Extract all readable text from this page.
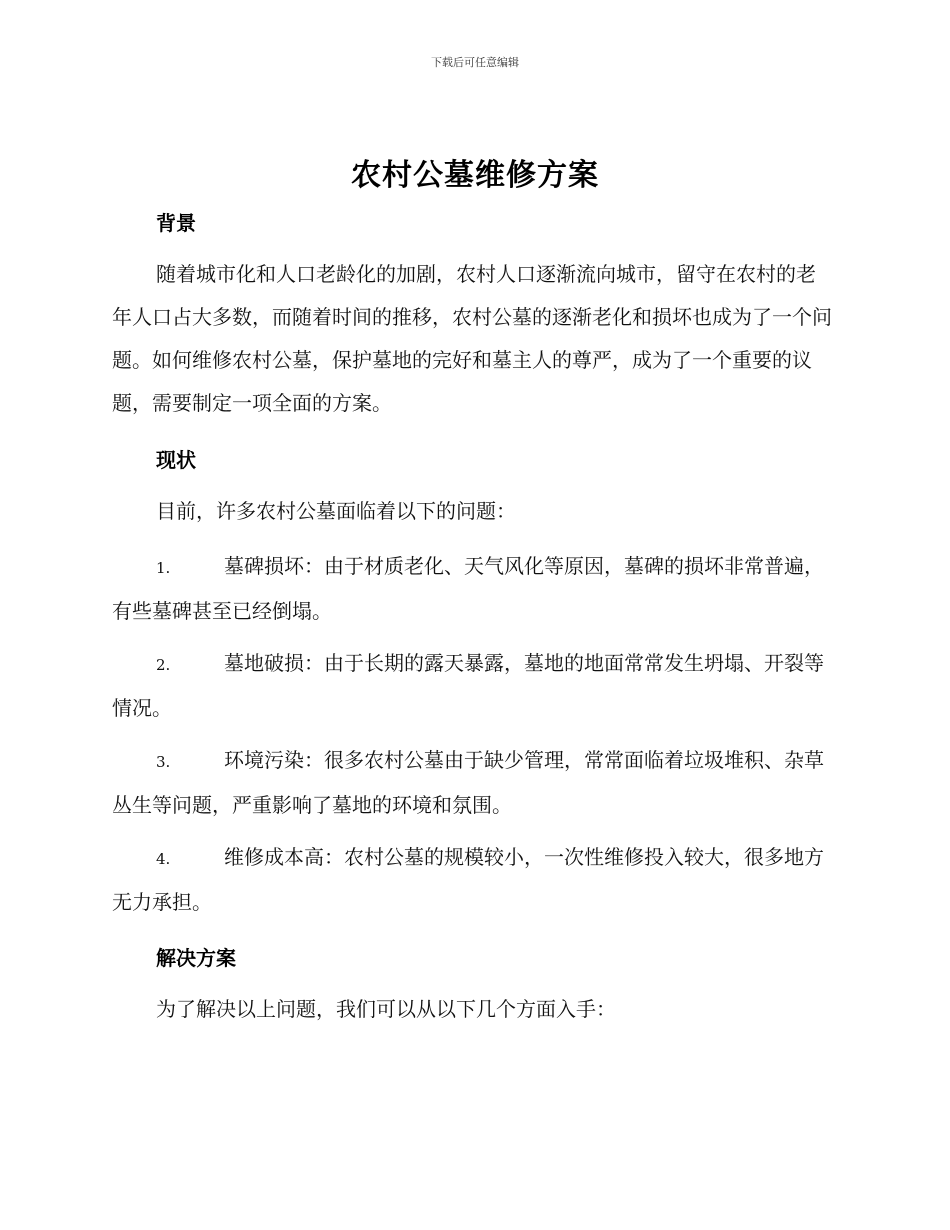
下载后可任意编辑
农村公墓维修方案
背景

随着城市化和人口老龄化的加剧，农村人口逐渐流向城市，留守在农村的老年人口占大多数，而随着时间的推移，农村公墓的逐渐老化和损坏也成为了一个问题。如何维修农村公墓，保护墓地的完好和墓主人的尊严，成为了一个重要的议题，需要制定一项全面的方案。

现状

目前，许多农村公墓面临着以下的问题：

1.	墓碑损坏：由于材质老化、天气风化等原因，墓碑的损坏非常普遍，有些墓碑甚至已经倒塌。
2.	墓地破损：由于长期的露天暴露，墓地的地面常常发生坍塌、开裂等情况。
3.	环境污染：很多农村公墓由于缺少管理，常常面临着垃圾堆积、杂草丛生等问题，严重影响了墓地的环境和氛围。
4.	维修成本高：农村公墓的规模较小，一次性维修投入较大，很多地方无力承担。
解决方案

为了解决以上问题，我们可以从以下几个方面入手：
